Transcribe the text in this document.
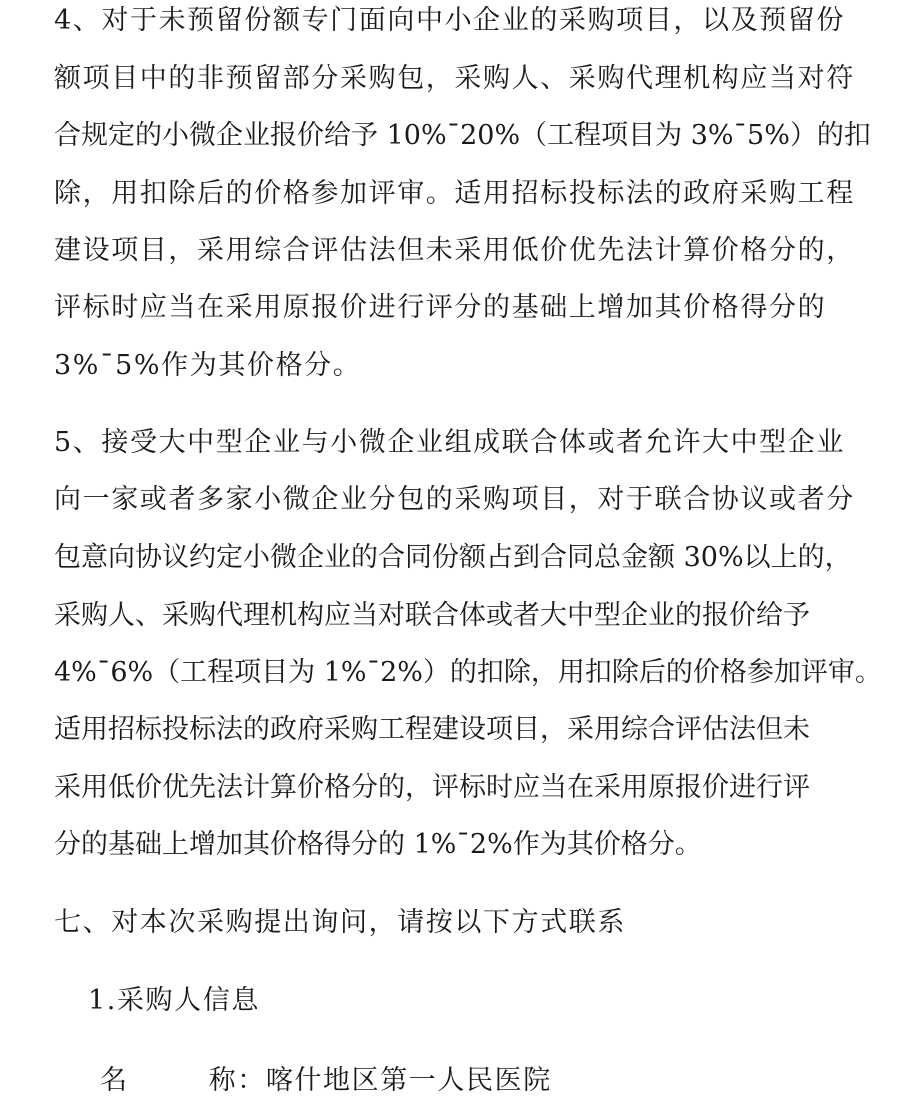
4、对于未预留份额专门面向中小企业的采购项目，以及预留份
额项目中的非预留部分采购包，采购人、采购代理机构应当对符
合规定的小微企业报价给予 10%¯20%（工程项目为 3%¯5%）的扣
除，用扣除后的价格参加评审。适用招标投标法的政府采购工程
建设项目，采用综合评估法但未采用低价优先法计算价格分的，
评标时应当在采用原报价进行评分的基础上增加其价格得分的
3%¯5%作为其价格分。
5、接受大中型企业与小微企业组成联合体或者允许大中型企业
向一家或者多家小微企业分包的采购项目，对于联合协议或者分
包意向协议约定小微企业的合同份额占到合同总金额 30%以上的，
采购人、采购代理机构应当对联合体或者大中型企业的报价给予
4%¯6%（工程项目为 1%¯2%）的扣除，用扣除后的价格参加评审。
适用招标投标法的政府采购工程建设项目，采用综合评估法但未
采用低价优先法计算价格分的，评标时应当在采用原报价进行评
分的基础上增加其价格得分的 1%¯2%作为其价格分。
七、对本次采购提出询问，请按以下方式联系
1.采购人信息
名	称：喀什地区第一人民医院
